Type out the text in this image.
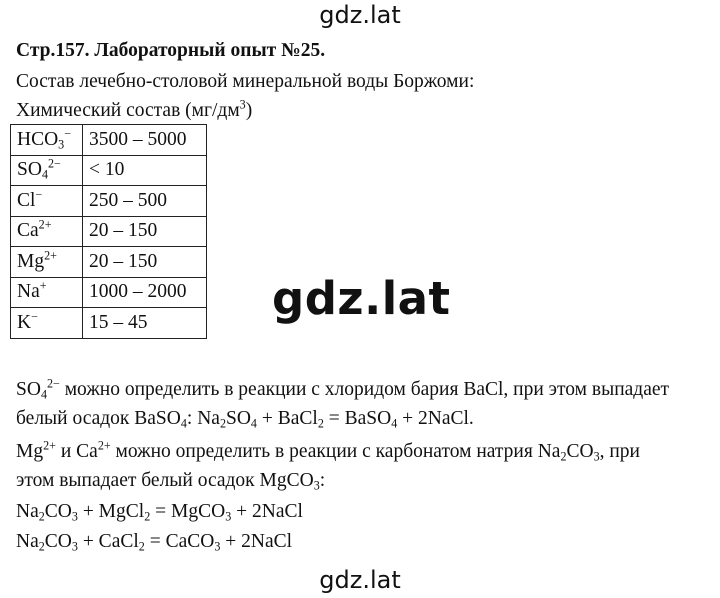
gdz.lat
Стр.157. Лабораторный опыт №25.
Состав лечебно-столовой минеральной воды Боржоми:
Химический состав $(мг/дм^3)$
$HCO_3^-$	3500 – 5000
$SO_4^{2-}$	< 10
Cl−	250 – 500
$Ca^{2+}$	20 – 150
$Mg^{2+}$	20 – 150
Na+	1000 – 2000
K−	15 – 45	gdz.lat
$SO_4^{2-}$ можно определить в реакции с хлоридом бария BaCl, при этом выпадает
белый осадок BaSO$_4$: $Na_2SO_4$ + BaCl$_2$ = BaSO$_4$ + 2NaCl.
$Mg^{2+}$ и $Ca^{2+}$ можно определить в реакции с карбонатом натрия $Na_2CO_3$, при
этом выпадает белый осадок MgCO$_3$:
$Na_2CO_3$ + MgCl$_2$ = MgCO$_3$ + 2NaCl
$Na_2CO_3$ + CaCl$_2$ = CaCO$_3$ + 2NaCl
gdz.lat
